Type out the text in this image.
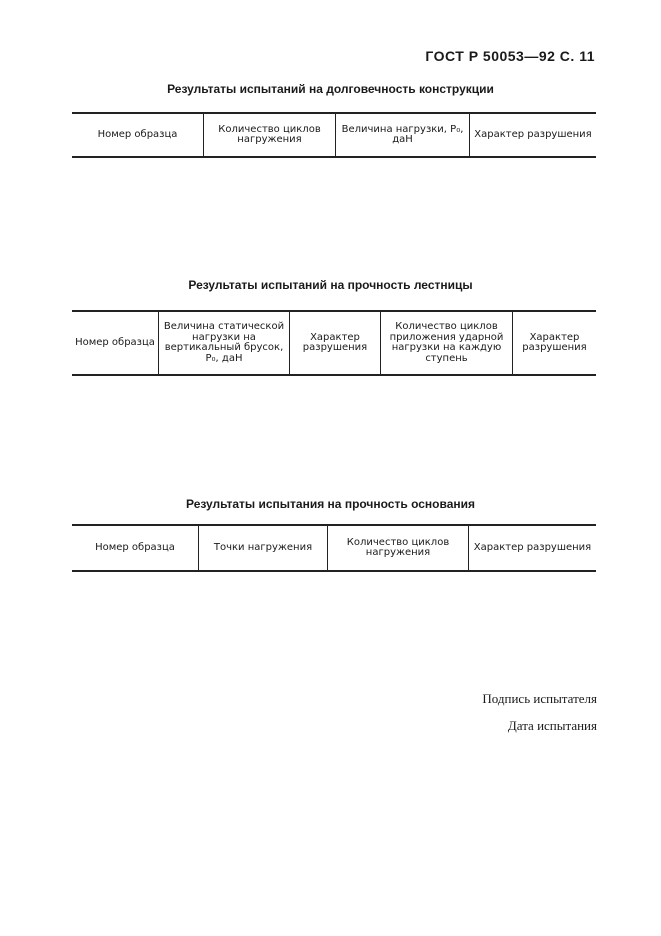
ГОСТ Р 50053—92 С. 11
Результаты испытаний на долговечность конструкции
Номер образца	Количество циклов нагружения	Величина нагрузки, P₀, даН	Характер разрушения
Результаты испытаний на прочность лестницы
Номер образца	Величина статической нагрузки на вертикальный брусок, P₀, даН	Характер разрушения	Количество циклов приложения ударной нагрузки на каждую ступень	Характер разрушения
Результаты испытания на прочность основания
Номер образца	Точки нагружения	Количество циклов нагружения	Характер разрушения
Подпись испытателя
Дата испытания
